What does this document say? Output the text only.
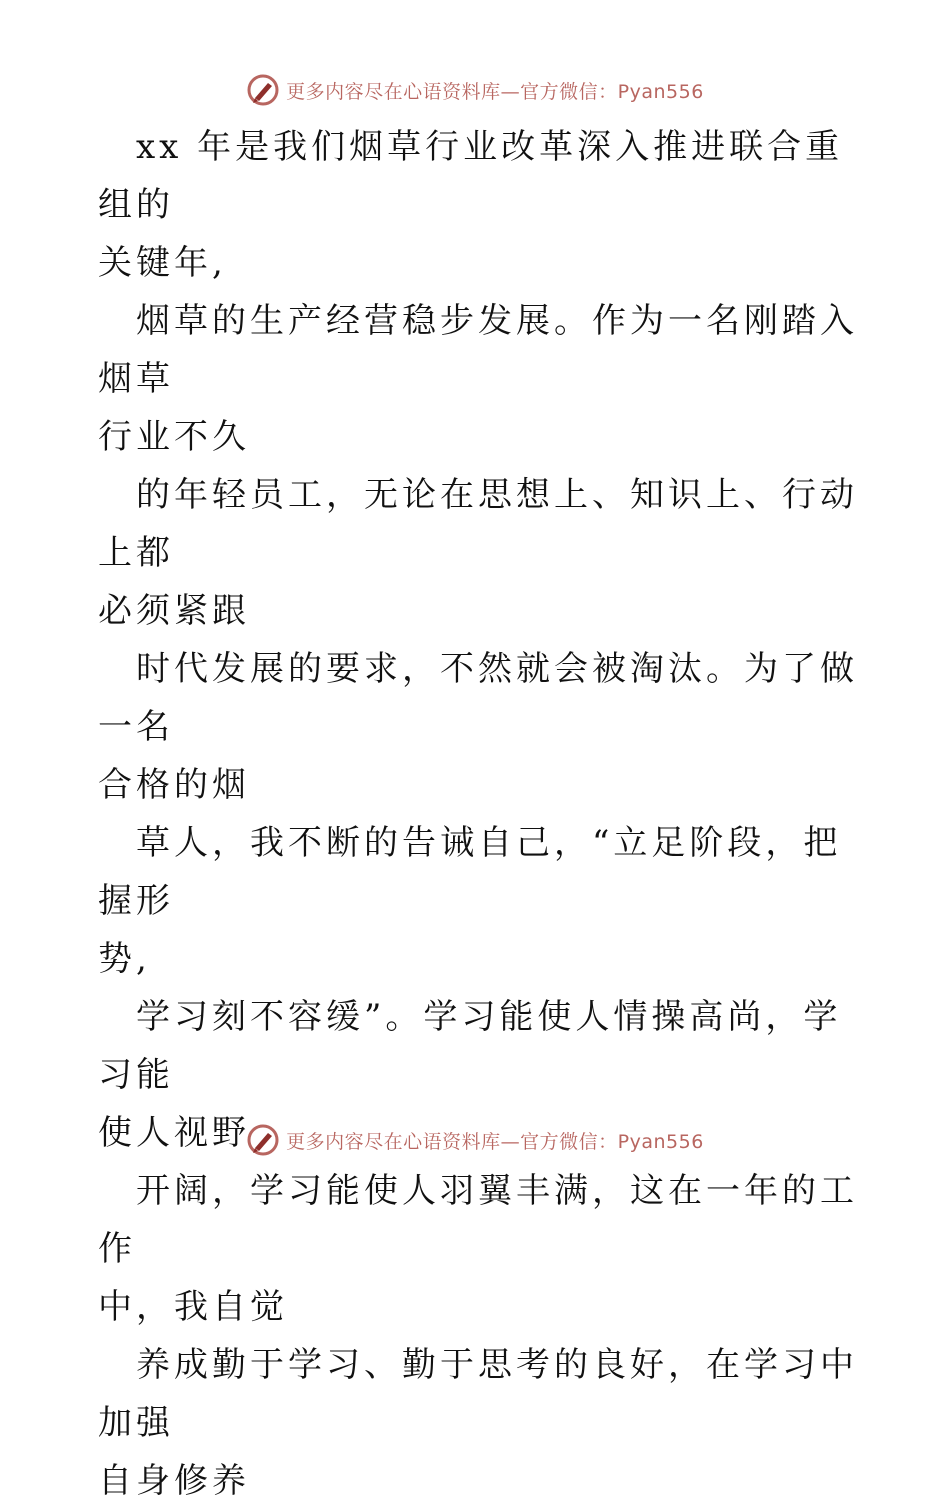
更多内容尽在心语资料库—官方微信：Pyan556

xx 年是我们烟草行业改革深入推进联合重组的
关键年,

烟草的生产经营稳步发展。作为一名刚踏入烟草
行业不久

的年轻员工，无论在思想上、知识上、行动上都
必须紧跟

时代发展的要求，不然就会被淘汰。为了做一名
合格的烟

草人，我不断的告诫自己，“立足阶段，把握形
势,

学习刻不容缓”。学习能使人情操高尚，学习能
使人视野

开阔，学习能使人羽翼丰满，这在一年的工作
中，我自觉

养成勤于学习、勤于思考的良好，在学习中加强
自身修养

更多内容尽在心语资料库—官方微信：Pyan556
